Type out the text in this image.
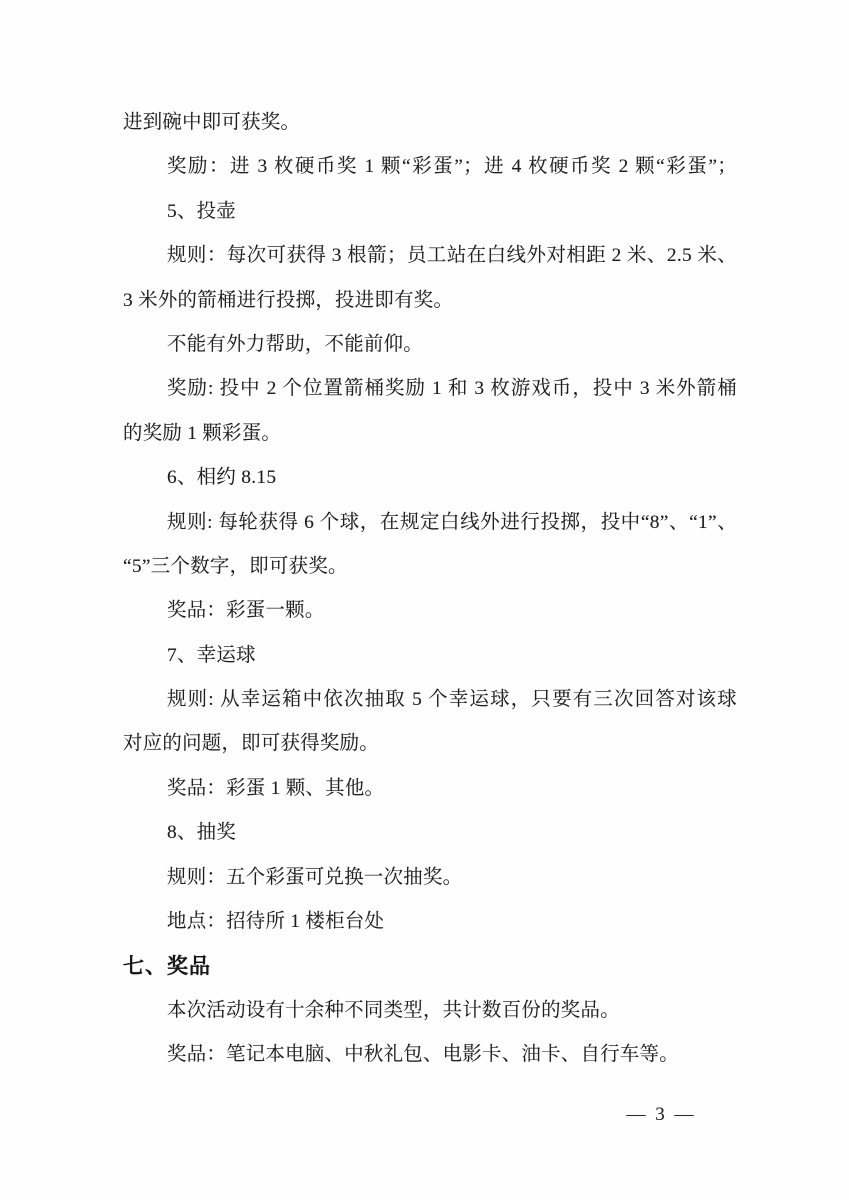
进到碗中即可获奖。
奖励：进 3 枚硬币奖 1 颗“彩蛋”；进 4 枚硬币奖 2 颗“彩蛋”；
5、投壶
规则：每次可获得 3 根箭；员工站在白线外对相距 2 米、2.5 米、
3 米外的箭桶进行投掷，投进即有奖。
不能有外力帮助，不能前仰。
奖励: 投中 2 个位置箭桶奖励 1 和 3 枚游戏币，投中 3 米外箭桶
的奖励 1 颗彩蛋。
6、相约 8.15
规则: 每轮获得 6 个球，在规定白线外进行投掷，投中“8”、“1”、
“5”三个数字，即可获奖。
奖品：彩蛋一颗。
7、幸运球
规则: 从幸运箱中依次抽取 5 个幸运球，只要有三次回答对该球
对应的问题，即可获得奖励。
奖品：彩蛋 1 颗、其他。
8、抽奖
规则：五个彩蛋可兑换一次抽奖。
地点：招待所 1 楼柜台处
七、奖品
本次活动设有十余种不同类型，共计数百份的奖品。
奖品：笔记本电脑、中秋礼包、电影卡、油卡、自行车等。
— 3 —
